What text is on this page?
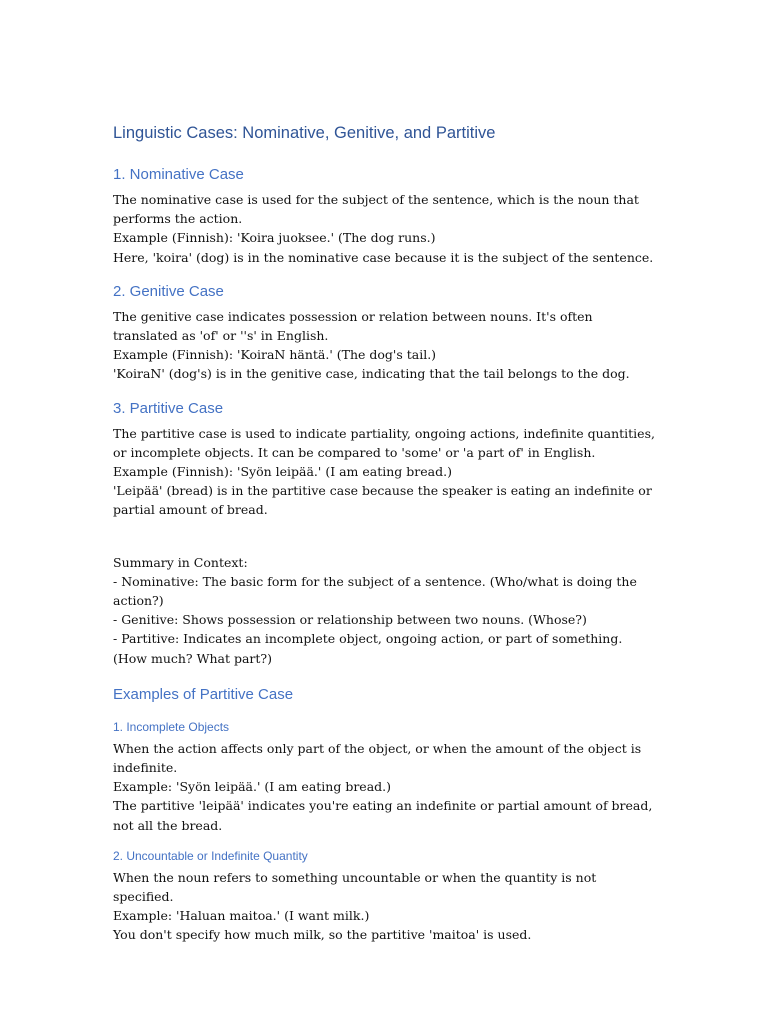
Linguistic Cases: Nominative, Genitive, and Partitive
1. Nominative Case

The nominative case is used for the subject of the sentence, which is the noun that performs the action.

Example (Finnish): 'Koira juoksee.' (The dog runs.)

Here, 'koira' (dog) is in the nominative case because it is the subject of the sentence.

2. Genitive Case

The genitive case indicates possession or relation between nouns. It's often translated as 'of' or ''s' in English.

Example (Finnish): 'KoiraN häntä.' (The dog's tail.)

'KoiraN' (dog's) is in the genitive case, indicating that the tail belongs to the dog.

3. Partitive Case

The partitive case is used to indicate partiality, ongoing actions, indefinite quantities, or incomplete objects. It can be compared to 'some' or 'a part of' in English.

Example (Finnish): 'Syön leipää.' (I am eating bread.)

'Leipää' (bread) is in the partitive case because the speaker is eating an indefinite or partial amount of bread.

Summary in Context:

- Nominative: The basic form for the subject of a sentence. (Who/what is doing the action?)

- Genitive: Shows possession or relationship between two nouns. (Whose?)

- Partitive: Indicates an incomplete object, ongoing action, or part of something. (How much? What part?)

Examples of Partitive Case
1. Incomplete Objects

When the action affects only part of the object, or when the amount of the object is indefinite.

Example: 'Syön leipää.' (I am eating bread.)

The partitive 'leipää' indicates you're eating an indefinite or partial amount of bread, not all the bread.

2. Uncountable or Indefinite Quantity

When the noun refers to something uncountable or when the quantity is not specified.

Example: 'Haluan maitoa.' (I want milk.)

You don't specify how much milk, so the partitive 'maitoa' is used.
